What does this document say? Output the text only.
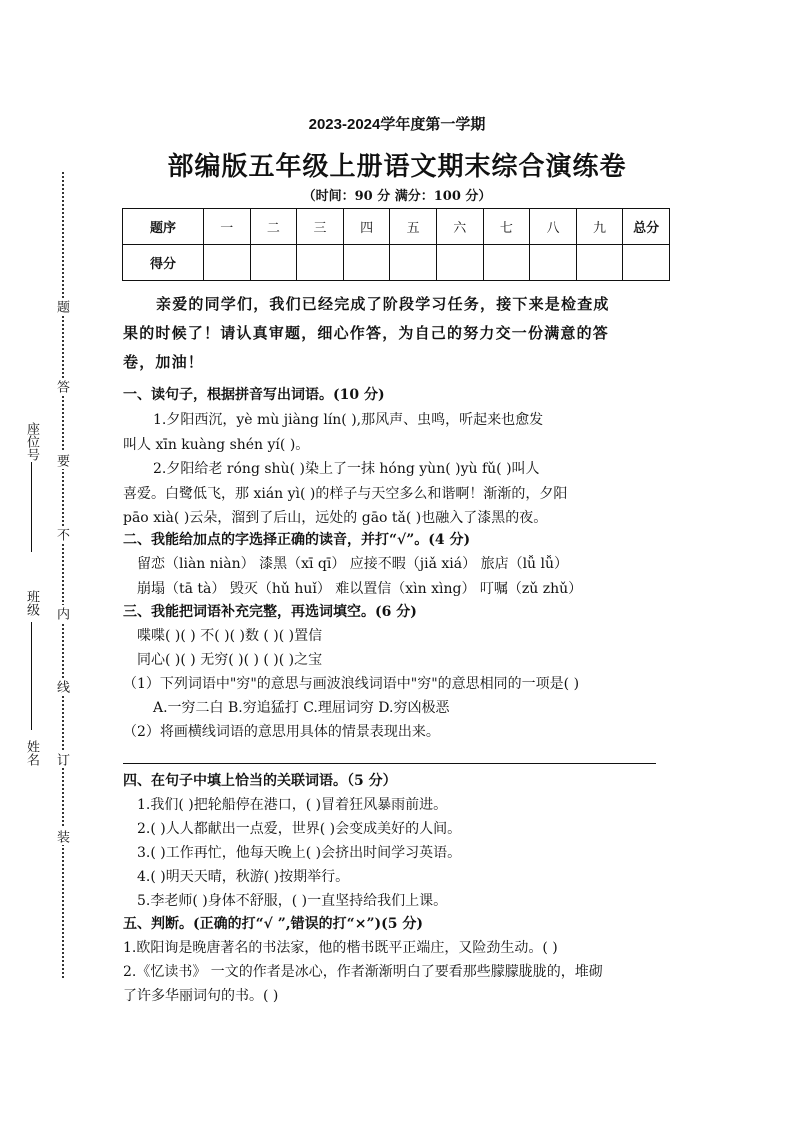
题
答
要
不
内
线
订
装
座位号
班级
姓名
2023-2024学年度第一学期
部编版五年级上册语文期末综合演练卷
（时间：90 分 满分：100 分）
题序	一	二	三	四	五	六	七	八	九	总分
得分										
亲爱的同学们，我们已经完成了阶段学习任务，接下来是检查成
果的时候了！请认真审题，细心作答，为自己的努力交一份满意的答
卷，加油！
一、读句子，根据拼音写出词语。(10 分)
1.夕阳西沉，yè mù jiàng lín( ),那风声、虫鸣，听起来也愈发
叫人 xīn kuàng shén yí( )。
2.夕阳给老 róng shù( )染上了一抹 hóng yùn( )yù fǔ( )叫人
喜爱。白鹭低飞，那 xián yì( )的样子与天空多么和谐啊！渐渐的，夕阳
pāo xià( )云朵，溜到了后山，远处的 gāo tǎ( )也融入了漆黑的夜。
二、我能给加点的字选择正确的读音，并打“√”。(4 分)
留恋（liàn niàn） 漆黑（xī qī） 应接不暇（jiǎ xiá） 旅店（lǚ lǚ）
崩塌（tā tà） 毁灭（hǔ huǐ） 难以置信（xìn xìng） 叮嘱（zǔ zhǔ）
三、我能把词语补充完整，再选词填空。(6 分)
喋喋( )( ) 不( )( )数 ( )( )置信
同心( )( ) 无穷( )( ) ( )( )之宝
（1）下列词语中"穷"的意思与画波浪线词语中"穷"的意思相同的一项是( )
A.一穷二白 B.穷追猛打 C.理屈词穷 D.穷凶极恶
（2）将画横线词语的意思用具体的情景表现出来。
四、在句子中填上恰当的关联词语。（5 分）
1.我们( )把轮船停在港口，( )冒着狂风暴雨前进。
2.( )人人都献出一点爱，世界( )会变成美好的人间。
3.( )工作再忙，他每天晚上( )会挤出时间学习英语。
4.( )明天天晴，秋游( )按期举行。
5.李老师( )身体不舒服，( )一直坚持给我们上课。
五、判断。(正确的打“√ ”,错误的打“×”)(5 分)
1.欧阳询是晚唐著名的书法家，他的楷书既平正端庄，又险劲生动。( )
2.《忆读书》 一文的作者是冰心，作者渐渐明白了要看那些朦朦胧胧的，堆砌
了许多华丽词句的书。( )
